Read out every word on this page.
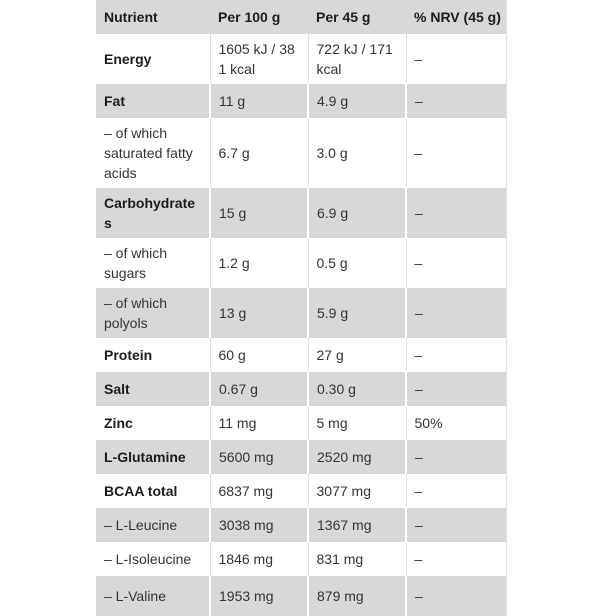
Nutrient	Per 100 g	Per 45 g	% NRV (45 g)
Energy	1605 kJ / 381 kcal	722 kJ / 171 kcal	–
Fat	11 g	4.9 g	–
– of which saturated fatty acids	6.7 g	3.0 g	–
Carbohydrates	15 g	6.9 g	–
– of which sugars	1.2 g	0.5 g	–
– of which polyols	13 g	5.9 g	–
Protein	60 g	27 g	–
Salt	0.67 g	0.30 g	–
Zinc	11 mg	5 mg	50%
L-Glutamine	5600 mg	2520 mg	–
BCAA total	6837 mg	3077 mg	–
– L-Leucine	3038 mg	1367 mg	–
– L-Isoleucine	1846 mg	831 mg	–
– L-Valine	1953 mg	879 mg	–
